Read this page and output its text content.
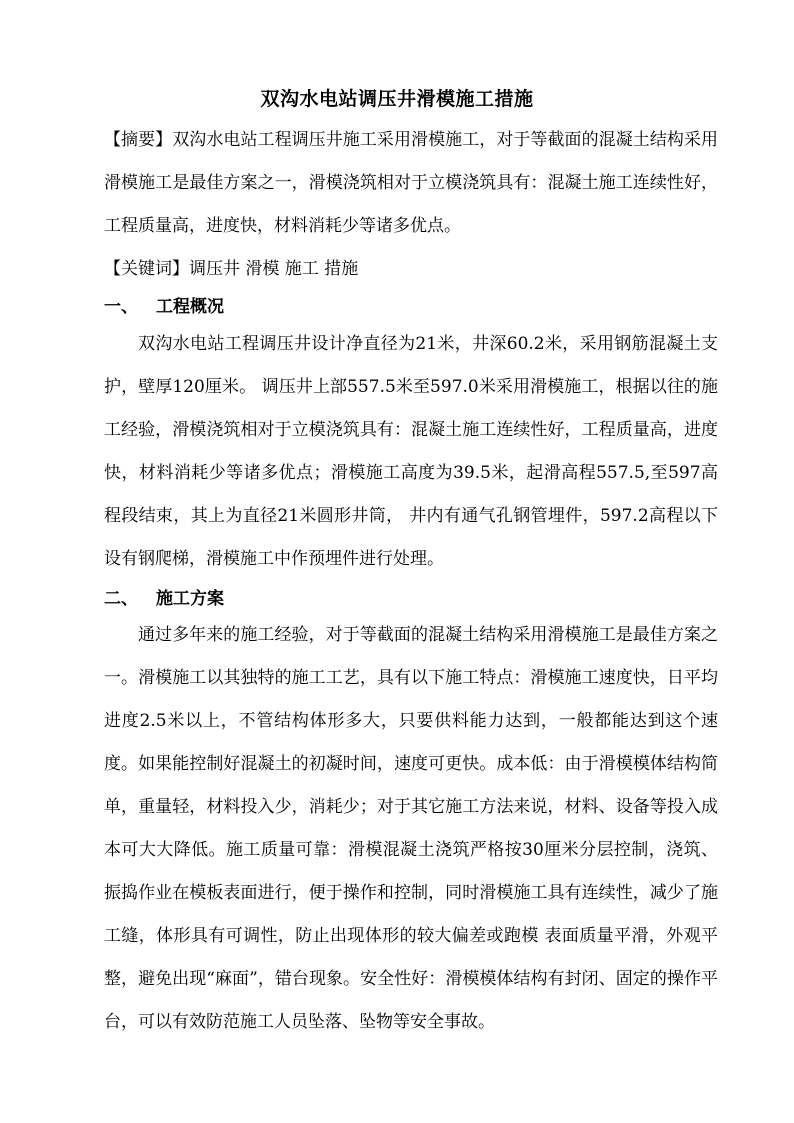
双沟水电站调压井滑模施工措施

【摘要】双沟水电站工程调压井施工采用滑模施工，对于等截面的混凝土结构采用滑模施工是最佳方案之一，滑模浇筑相对于立模浇筑具有：混凝土施工连续性好，工程质量高，进度快，材料消耗少等诸多优点。

【关键词】调压井 滑模 施工 措施

一、 工程概况

双沟水电站工程调压井设计净直径为21米，井深60.2米，采用钢筋混凝土支护，壁厚120厘米。 调压井上部557.5米至597.0米采用滑模施工，根据以往的施工经验，滑模浇筑相对于立模浇筑具有：混凝土施工连续性好，工程质量高，进度快，材料消耗少等诸多优点；滑模施工高度为39.5米，起滑高程557.5,至597高程段结束，其上为直径21米圆形井筒， 井内有通气孔钢管埋件，597.2高程以下设有钢爬梯，滑模施工中作预埋件进行处理。

二、 施工方案

通过多年来的施工经验，对于等截面的混凝土结构采用滑模施工是最佳方案之一。滑模施工以其独特的施工工艺，具有以下施工特点：滑模施工速度快，日平均进度2.5米以上，不管结构体形多大，只要供料能力达到，一般都能达到这个速度。如果能控制好混凝土的初凝时间，速度可更快。成本低：由于滑模模体结构简单，重量轻，材料投入少，消耗少；对于其它施工方法来说，材料、设备等投入成本可大大降低。施工质量可靠：滑模混凝土浇筑严格按30厘米分层控制，浇筑、振捣作业在模板表面进行，便于操作和控制，同时滑模施工具有连续性，减少了施工缝，体形具有可调性，防止出现体形的较大偏差或跑模 表面质量平滑，外观平整，避免出现“麻面”，错台现象。安全性好：滑模模体结构有封闭、固定的操作平台，可以有效防范施工人员坠落、坠物等安全事故。
